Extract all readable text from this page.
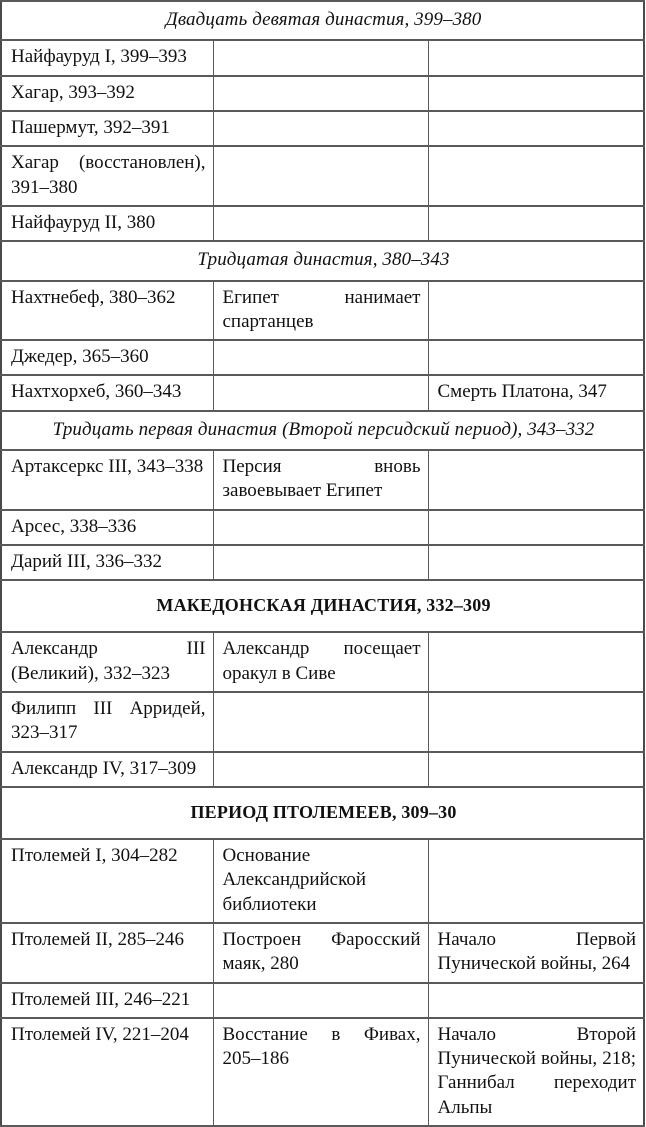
Двадцать девятая династия, 399–380		
Найфауруд I, 399–393		
Хагар, 393–392		
Пашермут, 392–391		
Хагар (восстановлен), 391–380		
Найфауруд II, 380		
Тридцатая династия, 380–343		
Нахтнебеф, 380–362	Египет нанимает спартанцев	
Джедер, 365–360		
Нахтхорхеб, 360–343		Смерть Платона, 347
Тридцать первая династия (Второй персидский период), 343–332		
Артаксеркс III, 343–338	Персия вновь завоевывает Египет	
Арсес, 338–336		
Дарий III, 336–332		
МАКЕДОНСКАЯ ДИНАСТИЯ, 332–309		
Александр III (Великий), 332–323	Александр посещает оракул в Сиве	
Филипп III Арридей, 323–317		
Александр IV, 317–309		
ПЕРИОД ПТОЛЕМЕЕВ, 309–30		
Птолемей I, 304–282	Основание Александрийской библиотеки	
Птолемей II, 285–246	Построен Фаросский маяк, 280	Начало Первой Пунической войны, 264
Птолемей III, 246–221		
Птолемей IV, 221–204	Восстание в Фивах, 205–186	Начало Второй Пунической войны, 218; Ганнибал переходит Альпы
